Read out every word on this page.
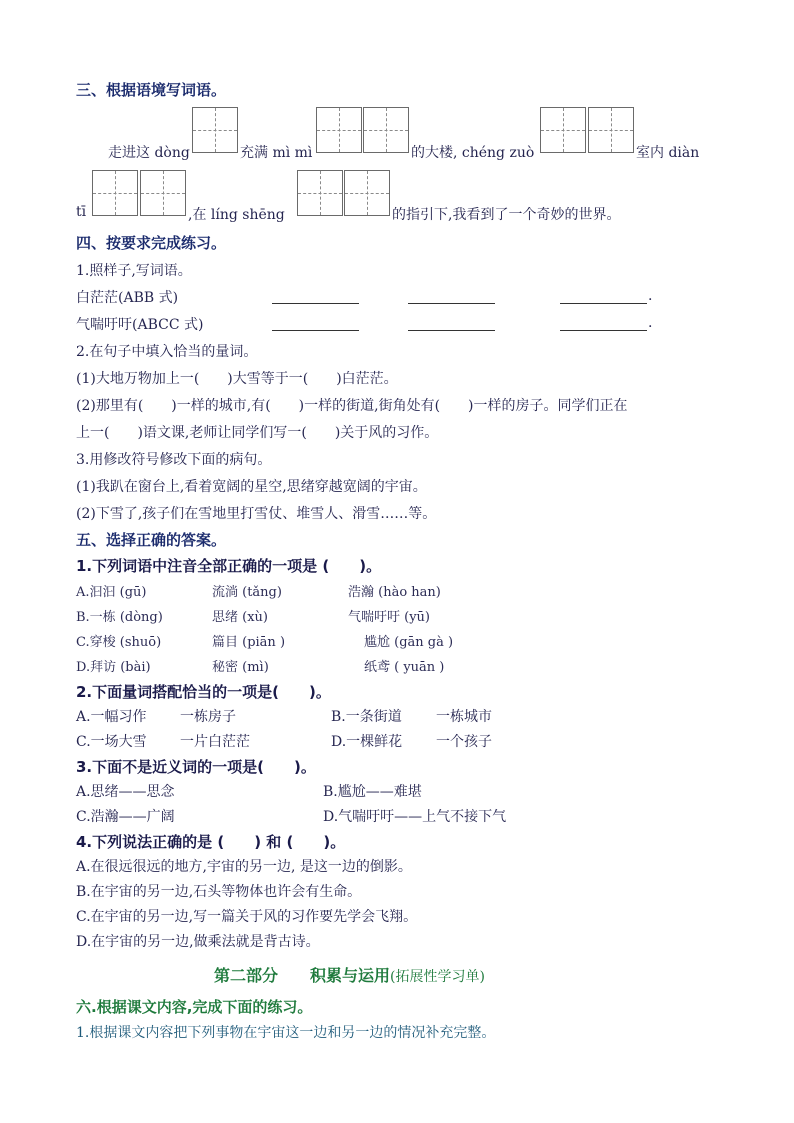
三、根据语境写词语。
走进这 dòng	充满 mì mì	的大楼, chéng zuò	室内 diàn
tī	,在 líng shēng	的指引下,我看到了一个奇妙的世界。
四、按要求完成练习。
1.照样子,写词语。
白茫茫(ABB 式)	.
气喘吁吁(ABCC 式)	.
2.在句子中填入恰当的量词。
(1)大地万物加上一(　　)大雪等于一(　　)白茫茫。
(2)那里有(　　)一样的城市,有(　　)一样的街道,街角处有(　　)一样的房子。同学们正在
上一(　　)语文课,老师让同学们写一(　　)关于风的习作。
3.用修改符号修改下面的病句。
(1)我趴在窗台上,看着宽阔的星空,思绪穿越宽阔的宇宙。
(2)下雪了,孩子们在雪地里打雪仗、堆雪人、滑雪……等。
五、选择正确的答案。
1.下列词语中注音全部正确的一项是 (　　)。
A.汩汩 (gū)	流淌 (tǎng)	浩瀚 (hào han)
B.一栋 (dòng)	思绪 (xù)	气喘吁吁 (yū)
C.穿梭 (shuō)	篇目 (piān )	尴尬 (gān gà )
D.拜访 (bài)	秘密 (mì)	纸鸢 ( yuān )
2.下面量词搭配恰当的一项是(　　)。
A.一幅习作 一栋房子	B.一条街道 一栋城市
C.一场大雪 一片白茫茫	D.一棵鲜花 一个孩子
3.下面不是近义词的一项是(　　)。
A.思绪——思念	B.尴尬——难堪
C.浩瀚——广阔	D.气喘吁吁——上气不接下气
4.下列说法正确的是 (　　) 和 (　　)。
A.在很远很远的地方,宇宙的另一边, 是这一边的倒影。
B.在宇宙的另一边,石头等物体也许会有生命。
C.在宇宙的另一边,写一篇关于风的习作要先学会飞翔。
D.在宇宙的另一边,做乘法就是背古诗。
第二部分　　积累与运用(拓展性学习单)
六.根据课文内容,完成下面的练习。
1.根据课文内容把下列事物在宇宙这一边和另一边的情况补充完整。
